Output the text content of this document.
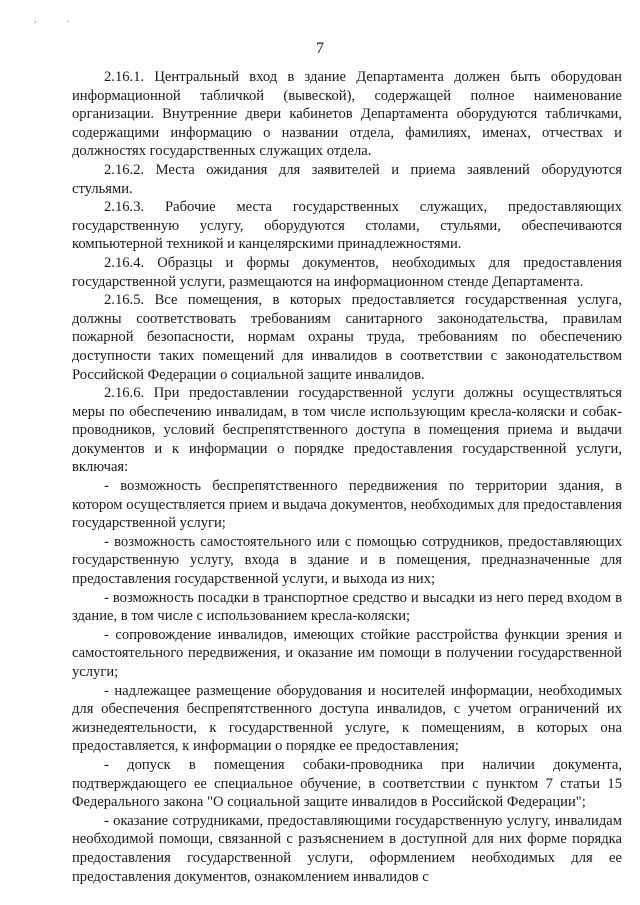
, .
7

2.16.1. Центральный вход в здание Департамента должен быть оборудован информационной табличкой (вывеской), содержащей полное наименование организации. Внутренние двери кабинетов Департамента оборудуются табличками, содержащими информацию о названии отдела, фамилиях, именах, отчествах и должностях государственных служащих отдела.

2.16.2. Места ожидания для заявителей и приема заявлений оборудуются стульями.

2.16.3. Рабочие места государственных служащих, предоставляющих государственную услугу, оборудуются столами, стульями, обеспечиваются компьютерной техникой и канцелярскими принадлежностями.

2.16.4. Образцы и формы документов, необходимых для предоставления государственной услуги, размещаются на информационном стенде Департамента.

2.16.5. Все помещения, в которых предоставляется государственная услуга, должны соответствовать требованиям санитарного законодательства, правилам пожарной безопасности, нормам охраны труда, требованиям по обеспечению доступности таких помещений для инвалидов в соответствии с законодательством Российской Федерации о социальной защите инвалидов.

2.16.6. При предоставлении государственной услуги должны осуществляться меры по обеспечению инвалидам, в том числе использующим кресла-коляски и собак-проводников, условий беспрепятственного доступа в помещения приема и выдачи документов и к информации о порядке предоставления государственной услуги, включая:

- возможность беспрепятственного передвижения по территории здания, в котором осуществляется прием и выдача документов, необходимых для предоставления государственной услуги;

- возможность самостоятельного или с помощью сотрудников, предоставляющих государственную услугу, входа в здание и в помещения, предназначенные для предоставления государственной услуги, и выхода из них;

- возможность посадки в транспортное средство и высадки из него перед входом в здание, в том числе с использованием кресла-коляски;

- сопровождение инвалидов, имеющих стойкие расстройства функции зрения и самостоятельного передвижения, и оказание им помощи в получении государственной услуги;

- надлежащее размещение оборудования и носителей информации, необходимых для обеспечения беспрепятственного доступа инвалидов, с учетом ограничений их жизнедеятельности, к государственной услуге, к помещениям, в которых она предоставляется, к информации о порядке ее предоставления;

- допуск в помещения собаки-проводника при наличии документа, подтверждающего ее специальное обучение, в соответствии с пунктом 7 статьи 15 Федерального закона "О социальной защите инвалидов в Российской Федерации";

- оказание сотрудниками, предоставляющими государственную услугу, инвалидам необходимой помощи, связанной с разъяснением в доступной для них форме порядка предоставления государственной услуги, оформлением необходимых для ее предоставления документов, ознакомлением инвалидов с
